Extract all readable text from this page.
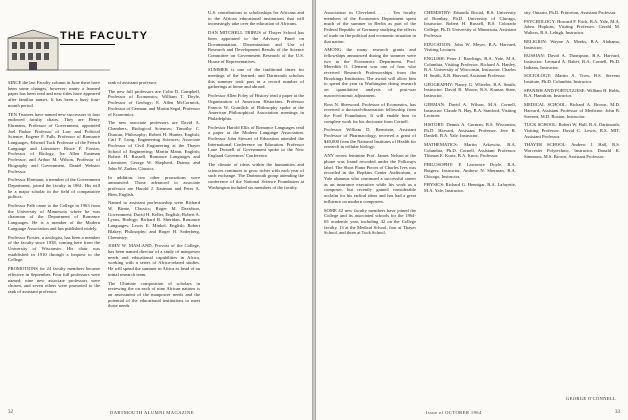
THE FACULTY

SINCE the last Faculty column in June there have been some changes, however; many a learned paper has been read and new titles have appeared after familiar names. It has been a busy four-month period.

TEN Trustees have named new successors to four endowed faculty chairs. They are Henry Ehrmann, Professor of Government, appointed Joel Parker Professor of Law and Political Science; Eugene F. Falb, Professor of Romance Languages, Edward Tuck Professor of the French Language and Literature; Bruce F. Forster, Professor of Biology, Ira Allen Eastman Professor; and Arthur M. Wilson, Professor of Biography and Government, Daniel Webster Professor.

Professor Ehrmann, a member of the Government Department, joined the faculty in 1961. His will be a major scholar in the field of comparative politics.

Professor Falb came to the College in 1963 from the University of Minnesota where he was chairman of the Department of Romance Languages. He is a member of the Modern Language Association and has published widely.

Professor Forster, a zoologist, has been a member of the faculty since 1938, coming here from the University of Wisconsin. His chair was established in 1910 through a bequest to the College.

PROMOTIONS for 24 faculty members became effective in September. Four full professors were named; nine new associate professors were chosen, and seven others were promoted to the rank of assistant professor.

rank of assistant professor.

The new full professors are Colin D. Campbell, Professor of Economics; William T. Doyle, Professor of Geology; E. Allen McCormick, Professor of German; and Martin Segal, Professor of Economics.

The new associate professors are David A. Chambers, Biological Sciences; Timothy C. Duncan, Philosophy; Robert H. Hunter, English; Carl F. Long, Engineering Sciences; Associate Professor of Civil Engineering at the Thayer School of Engineering; Martin Mann, English; Robert H. Russell, Romance Languages and Literature; George W. Shepherd, Drama; and John W. Zarker, Classics.

In addition, two other promotions were announced. Those advanced to associate professor are Harold J. Eastman and Peter A. Bien, English.

Named to assistant professorship were Richard W. Birnie, Classics; Roger M. Davidson, Government; David H. Keller, English; Robert A. Lyons, Biology; Richard R. Sheridan, Romance Languages; Lewis E. Minkel, English; Robert Blakey, Philosophy; and Roger H. Soderberg, Chemistry.

JOHN W. MASLAND, Provost of the College, has been named director of a study of manpower needs and educational capabilities in Africa, working with a series of Africa-related studies. He will spend the summer in Africa as head of an initial research team.

The Ultimate composition of scholars in reviewing the on each of nine African nations is an assessment of the manpower needs and the potential of the educational institutions to meet those needs.

U.S. contributions to scholarships for Africans and to the African educational institutions that will increasingly take over the education of Africans.

DAN MITCHELL TRIBUS of Thayer School has been appointed to the Advisory Panel on Documentation, Dissemination and Use of Research and Development Results of the Science Committee on Government Research of the U.S. House of Representatives.

SUMMER is one of the traditional times for meetings of the learned; and Dartmouth scholars this summer took part in a record number of gatherings at home and abroad.

Professor Allen Foley of History read a paper at the Organization of American Historians. Professor Francis W. Gramlich of Philosophy spoke at the American Philosophical Association meetings in Philadelphia.

Professor Harold Ellis of Romance Languages read a paper at the Modern Language Association. Professor John Stewart of Education attended the International Conference on Education. Professor Lane Dwinell of Government spoke to the New England Governors' Conference.

The climate of ideas within the humanities and sciences continues to grow richer with each year of such exchange. The Dartmouth group attending the conference of the National Science Foundation at Washington included six members of the faculty.

32	DARTMOUTH ALUMNI MAGAZINE

Association in Cleveland. . . . Ten faculty members of the Economics Department spent much of the summer in Berlin as part of the Federal Republic of Germany studying the effects of trade on the political and economic situation in that nation.

AMONG the many research grants and fellowships announced during the summer were two in the Economics Department. Prof. Meredith O. Clement was one of four who received Research Professorships from the Brookings Institution. The award will allow him to spend the year in Washington doing research on quantitative analysis of post-war macroeconomic adjustment.

Ross N. Sherwood, Professor of Economics, has received a doctoral-dissertation fellowship from the Ford Foundation. It will enable him to complete work for his doctorate from Cornell.

Professor William D. Bernstein, Assistant Professor of Pharmacology, received a grant of $40,000 from the National Institutes of Health for research in cellular biology.

ANY recent feminine Prof. James Nelson at the phone was found recorded under the Folkways label. The Short Piano Pieces of Charles Ives was recorded in the Hopkins Center Auditorium, a Yale alumnus who continued a successful career as an insurance executive while his work as a composer, but recently gained considerable acclaim for his radical ideas and has had a great influence on modern composers.

SOME 42 new faculty members have joined the College and its associated schools for the 1964-65 academic year, including 42 on the College faculty, 13 at the Medical School, four at Thayer School, and three at Tuck School.

CHEMISTRY: Eduardo Bocial, B.S. University of Bombay, Ph.D. University of Chicago, Instructor. Robert H. Russell, B.S. Colorado College, Ph.D. University of Minnesota, Assistant Professor.

EDUCATION: John W. Meyer, B.A. Harvard, Visiting Lecturer.

ENGLISH: Peter J. Rawlings, B.A. Yale, M.A. Columbia, Visiting Professor. Richard A. Hanley, B.A. University of Wisconsin, Instructor. Charles H. Smith, A.B. Harvard, Assistant Professor.

GEOGRAPHY: Nancy G. Wheeler, B.A. Smith, Instructor. David R. Moore, B.S. Kansas State, Instructor.

GERMAN: David A. Wilson, M.A. Cornell, Instructor. Claude N. Hay, B.A. Stanford, Visiting Lecturer.

HISTORY: Dennis A. Gorman, B.S. Wisconsin, Ph.D. Harvard, Assistant Professor. Jere R. Daniell, B.A. Yale, Instructor.

MATHEMATICS: Martin Arkowitz, B.A. Columbia, Ph.D. Cornell, Assistant Professor. Thomas E. Kurtz, B.A. Knox, Professor.

PHILOSOPHY: P. Lawrence Doyle, B.A. Rutgers, Instructor. Andrew N. Sherman, B.A. Chicago, Instructor.

PHYSICS: Richard G. Hennigar, B.A. Lafayette, M.A. Yale, Instructor.

sity, Ontario, Ph.D. Princeton, Assistant Professor.

PSYCHOLOGY: Howard F. Fitch, B.A. Yale, M.A. Johns Hopkins, Visiting Professor. Gerald M. Walters, B.A. Lehigh, Instructor.

RELIGION: Wayne A. Meeks, B.A. Alabama, Instructor.

RUSSIAN: David A. Thompson, B.A. Harvard, Instructor. Leonard A. Baker, B.A. Cornell, Ph.D. Indiana, Instructor.

SOCIOLOGY: Martin A. Trow, B.S. Stevens Institute, Ph.D. Columbia, Instructor.

SPANISH AND PORTUGUESE: William H. Robb, B.A. Hamilton, Instructor.

MEDICAL SCHOOL: Richard A. Brown, M.D. Harvard, Assistant Professor of Medicine. John B. Stevens, M.D. Boston, Instructor.

TUCK SCHOOL: Robert W. Hull, B.A. Dartmouth, Visiting Professor. David C. Lewis, B.S. MIT, Assistant Professor.

THAYER SCHOOL: Andrew J. Hall, B.S. Worcester Polytechnic, Instructor. Donald K. Simmons, M.S. Brown, Assistant Professor.

GEORGE O'CONNELL
Issue of OCTOBER 1964	33
